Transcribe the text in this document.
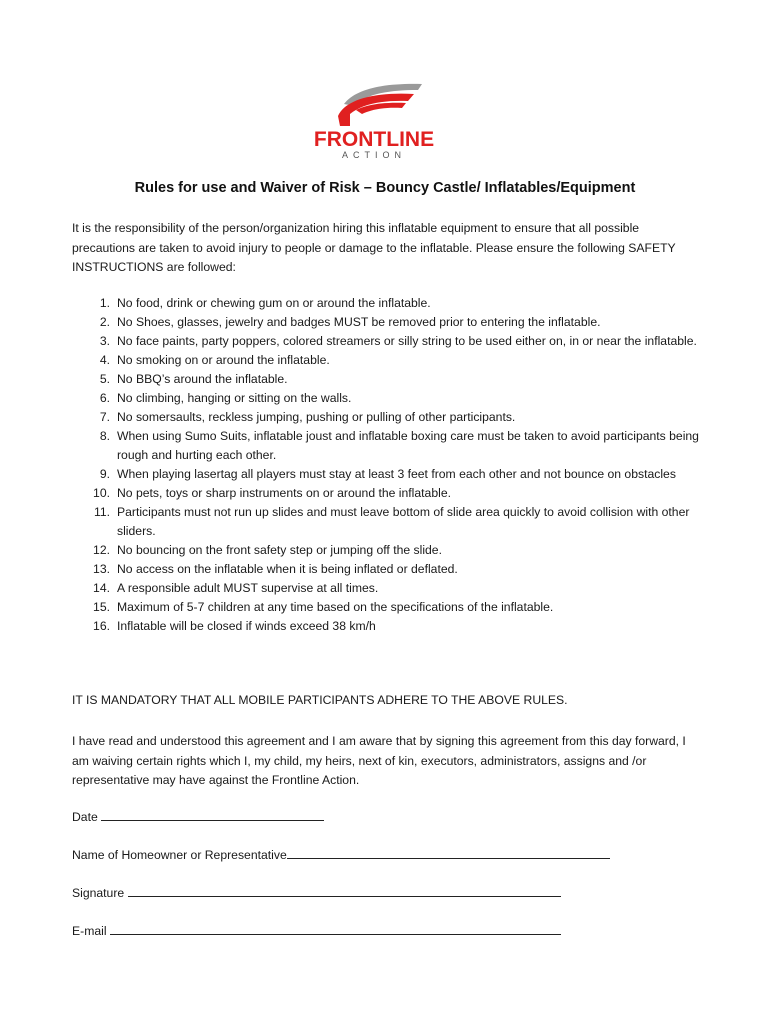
FRONTLINE
ACTION
Rules for use and Waiver of Risk – Bouncy Castle/ Inflatables/Equipment
It is the responsibility of the person/organization hiring this inflatable equipment to ensure that all possible precautions are taken to avoid injury to people or damage to the inflatable. Please ensure the following SAFETY INSTRUCTIONS are followed:
1. No food, drink or chewing gum on or around the inflatable.
2. No Shoes, glasses, jewelry and badges MUST be removed prior to entering the inflatable.
3. No face paints, party poppers, colored streamers or silly string to be used either on, in or near the inflatable.
4. No smoking on or around the inflatable.
5. No BBQ’s around the inflatable.
6. No climbing, hanging or sitting on the walls.
7. No somersaults, reckless jumping, pushing or pulling of other participants.
8. When using Sumo Suits, inflatable joust and inflatable boxing care must be taken to avoid participants being rough and hurting each other.
9. When playing lasertag all players must stay at least 3 feet from each other and not bounce on obstacles
10. No pets, toys or sharp instruments on or around the inflatable.
11. Participants must not run up slides and must leave bottom of slide area quickly to avoid collision with other sliders.
12. No bouncing on the front safety step or jumping off the slide.
13. No access on the inflatable when it is being inflated or deflated.
14. A responsible adult MUST supervise at all times.
15. Maximum of 5-7 children at any time based on the specifications of the inflatable.
16. Inflatable will be closed if winds exceed 38 km/h
IT IS MANDATORY THAT ALL MOBILE PARTICIPANTS ADHERE TO THE ABOVE RULES.
I have read and understood this agreement and I am aware that by signing this agreement from this day forward, I am waiving certain rights which I, my child, my heirs, next of kin, executors, administrators, assigns and /or representative may have against the Frontline Action.
Date
Name of Homeowner or Representative
Signature
E-mail
